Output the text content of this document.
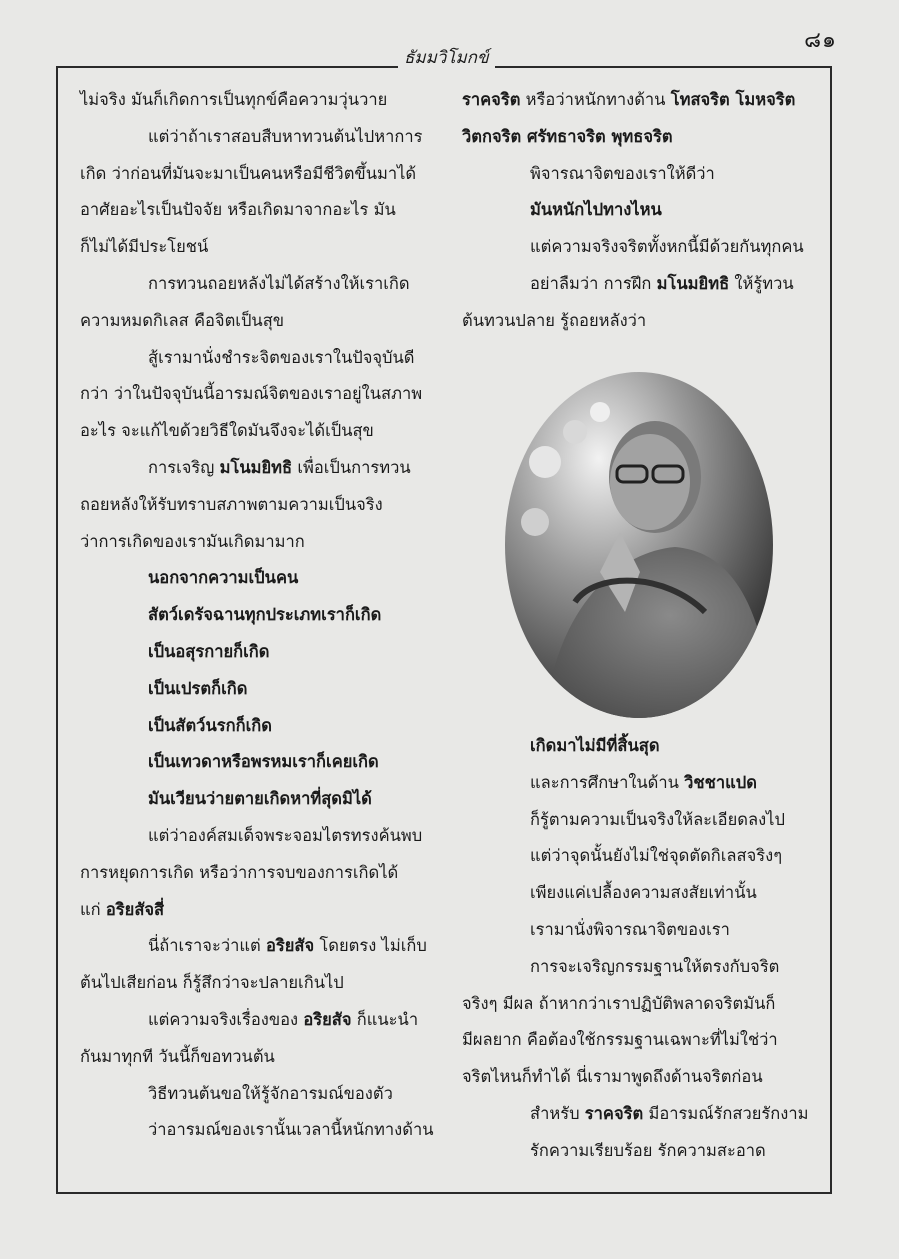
๘๑
ธัมมวิโมกข์
ไม่จริง มันก็เกิดการเป็นทุกข์คือความวุ่นวาย
แต่ว่าถ้าเราสอบสืบหาทวนต้นไปหาการ
เกิด ว่าก่อนที่มันจะมาเป็นคนหรือมีชีวิตขึ้นมาได้
อาศัยอะไรเป็นปัจจัย หรือเกิดมาจากอะไร มัน
ก็ไม่ได้มีประโยชน์
การทวนถอยหลังไม่ได้สร้างให้เราเกิด
ความหมดกิเลส คือจิตเป็นสุข
สู้เรามานั่งชำระจิตของเราในปัจจุบันดี
กว่า ว่าในปัจจุบันนี้อารมณ์จิตของเราอยู่ในสภาพ
อะไร จะแก้ไขด้วยวิธีใดมันจึงจะได้เป็นสุข
การเจริญ มโนมยิทธิ เพื่อเป็นการทวน
ถอยหลังให้รับทราบสภาพตามความเป็นจริง
ว่าการเกิดของเรามันเกิดมามาก
นอกจากความเป็นคน
สัตว์เดรัจฉานทุกประเภทเราก็เกิด
เป็นอสุรกายก็เกิด
เป็นเปรตก็เกิด
เป็นสัตว์นรกก็เกิด
เป็นเทวดาหรือพรหมเราก็เคยเกิด
มันเวียนว่ายตายเกิดหาที่สุดมิได้
แต่ว่าองค์สมเด็จพระจอมไตรทรงค้นพบ
การหยุดการเกิด หรือว่าการจบของการเกิดได้
แก่ อริยสัจสี่
นี่ถ้าเราจะว่าแต่ อริยสัจ โดยตรง ไม่เก็บ
ต้นไปเสียก่อน ก็รู้สึกว่าจะปลายเกินไป
แต่ความจริงเรื่องของ อริยสัจ ก็แนะนำ
กันมาทุกที วันนี้ก็ขอทวนต้น
วิธีทวนต้นขอให้รู้จักอารมณ์ของตัว
ว่าอารมณ์ของเรานั้นเวลานี้หนักทางด้าน
ราคจริต หรือว่าหนักทางด้าน โทสจริต โมหจริต
วิตกจริต ศรัทธาจริต พุทธจริต
พิจารณาจิตของเราให้ดีว่า
มันหนักไปทางไหน
แต่ความจริงจริตทั้งหกนี้มีด้วยกันทุกคน
อย่าลืมว่า การฝึก มโนมยิทธิ ให้รู้ทวน
ต้นทวนปลาย รู้ถอยหลังว่า
เกิดมาไม่มีที่สิ้นสุด
และการศึกษาในด้าน วิชชาแปด
ก็รู้ตามความเป็นจริงให้ละเอียดลงไป
แต่ว่าจุดนั้นยังไม่ใช่จุดตัดกิเลสจริงๆ
เพียงแค่เปลื้องความสงสัยเท่านั้น
เรามานั่งพิจารณาจิตของเรา
การจะเจริญกรรมฐานให้ตรงกับจริต
จริงๆ มีผล ถ้าหากว่าเราปฏิบัติพลาดจริตมันก็
มีผลยาก คือต้องใช้กรรมฐานเฉพาะที่ไม่ใช่ว่า
จริตไหนก็ทำได้ นี่เรามาพูดถึงด้านจริตก่อน
สำหรับ ราคจริต มีอารมณ์รักสวยรักงาม
รักความเรียบร้อย รักความสะอาด
